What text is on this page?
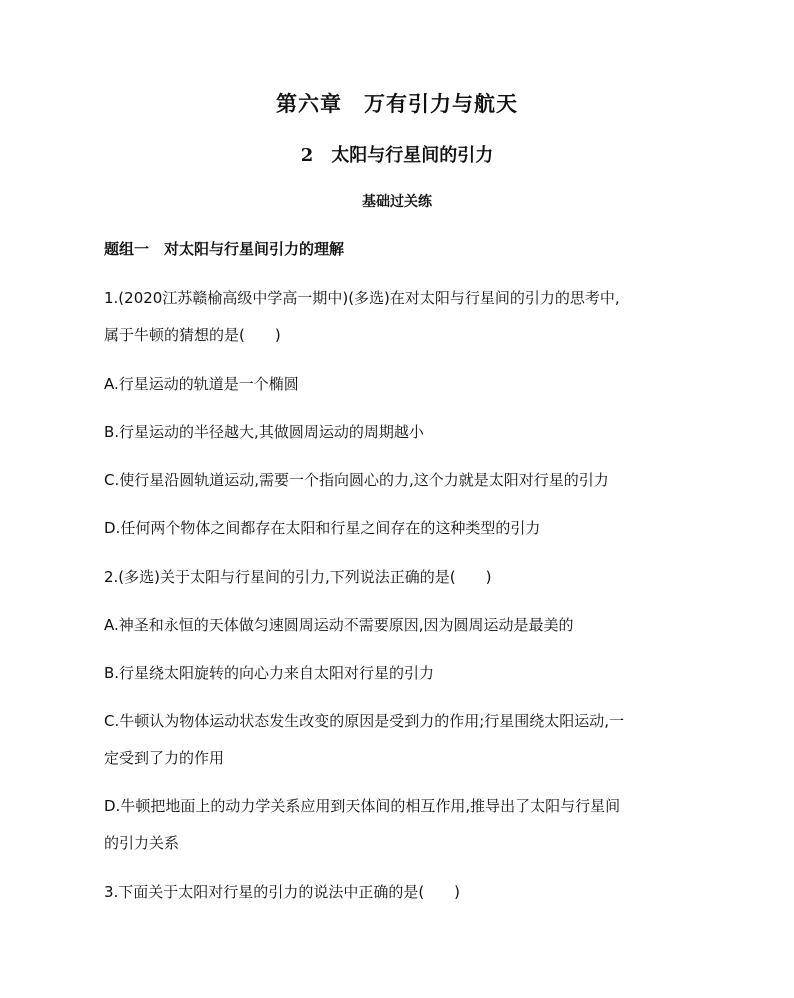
第六章　万有引力与航天
2　太阳与行星间的引力
基础过关练
题组一　对太阳与行星间引力的理解
1.(2020江苏赣榆高级中学高一期中)(多选)在对太阳与行星间的引力的思考中,
属于牛顿的猜想的是(　　)
A.行星运动的轨道是一个椭圆
B.行星运动的半径越大,其做圆周运动的周期越小
C.使行星沿圆轨道运动,需要一个指向圆心的力,这个力就是太阳对行星的引力
D.任何两个物体之间都存在太阳和行星之间存在的这种类型的引力
2.(多选)关于太阳与行星间的引力,下列说法正确的是(　　)
A.神圣和永恒的天体做匀速圆周运动不需要原因,因为圆周运动是最美的
B.行星绕太阳旋转的向心力来自太阳对行星的引力
C.牛顿认为物体运动状态发生改变的原因是受到力的作用;行星围绕太阳运动,一
定受到了力的作用
D.牛顿把地面上的动力学关系应用到天体间的相互作用,推导出了太阳与行星间
的引力关系
3.下面关于太阳对行星的引力的说法中正确的是(　　)
